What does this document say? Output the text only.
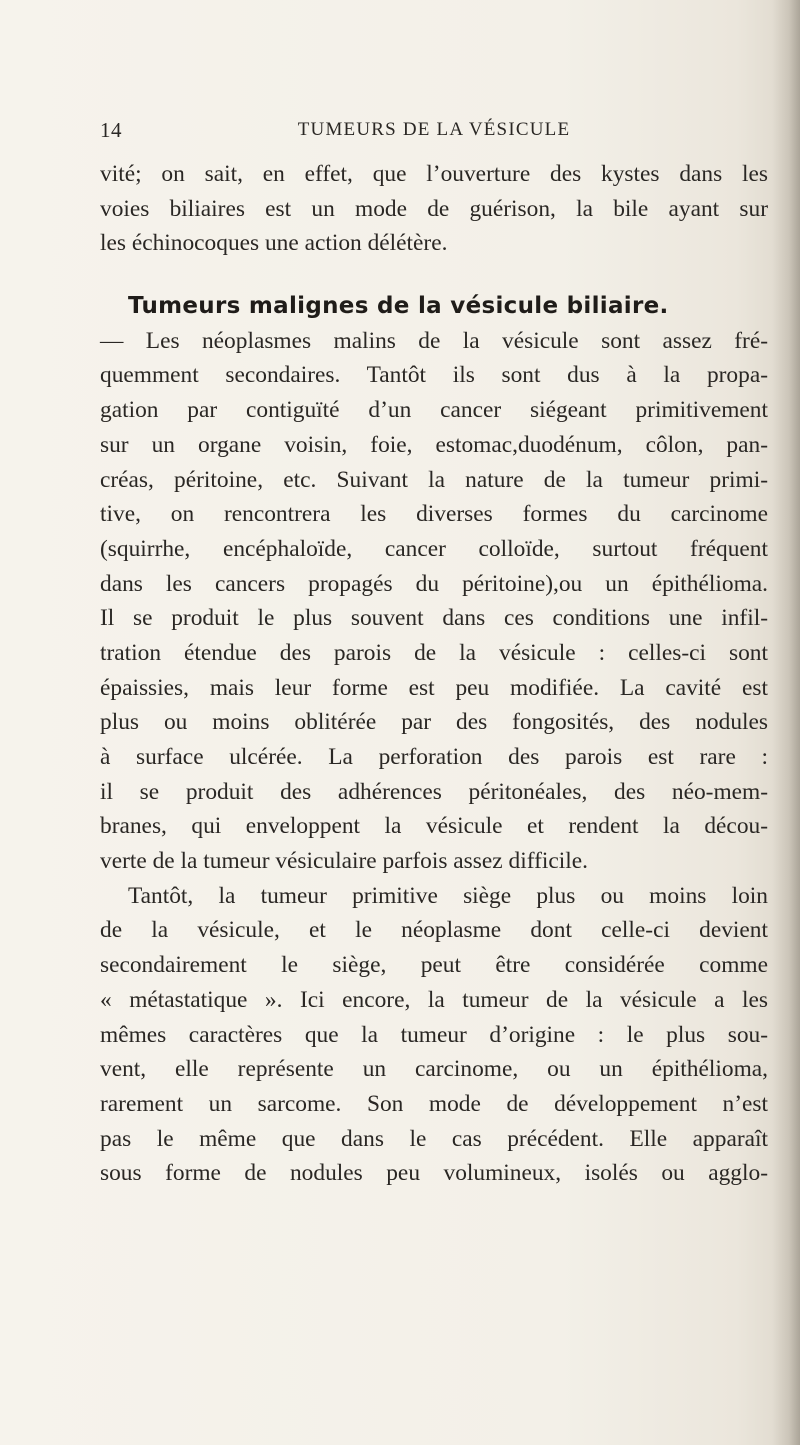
14	TUMEURS DE LA VÉSICULE
vité; on sait, en effet, que l’ouverture des kystes dans les
voies biliaires est un mode de guérison, la bile ayant sur
les échinocoques une action délétère.
Tumeurs malignes de la vésicule biliaire.
— Les néoplasmes malins de la vésicule sont assez fré-
quemment secondaires. Tantôt ils sont dus à la propa-
gation par contiguïté d’un cancer siégeant primitivement
sur un organe voisin, foie, estomac,duodénum, côlon, pan-
créas, péritoine, etc. Suivant la nature de la tumeur primi-
tive, on rencontrera les diverses formes du carcinome
(squirrhe, encéphaloïde, cancer colloïde, surtout fréquent
dans les cancers propagés du péritoine),ou un épithélioma.
Il se produit le plus souvent dans ces conditions une infil-
tration étendue des parois de la vésicule : celles-ci sont
épaissies, mais leur forme est peu modifiée. La cavité est
plus ou moins oblitérée par des fongosités, des nodules
à surface ulcérée. La perforation des parois est rare :
il se produit des adhérences péritonéales, des néo-mem-
branes, qui enveloppent la vésicule et rendent la décou-
verte de la tumeur vésiculaire parfois assez difficile.
Tantôt, la tumeur primitive siège plus ou moins loin
de la vésicule, et le néoplasme dont celle-ci devient
secondairement le siège, peut être considérée comme
« métastatique ». Ici encore, la tumeur de la vésicule a les
mêmes caractères que la tumeur d’origine : le plus sou-
vent, elle représente un carcinome, ou un épithélioma,
rarement un sarcome. Son mode de développement n’est
pas le même que dans le cas précédent. Elle apparaît
sous forme de nodules peu volumineux, isolés ou agglo-
